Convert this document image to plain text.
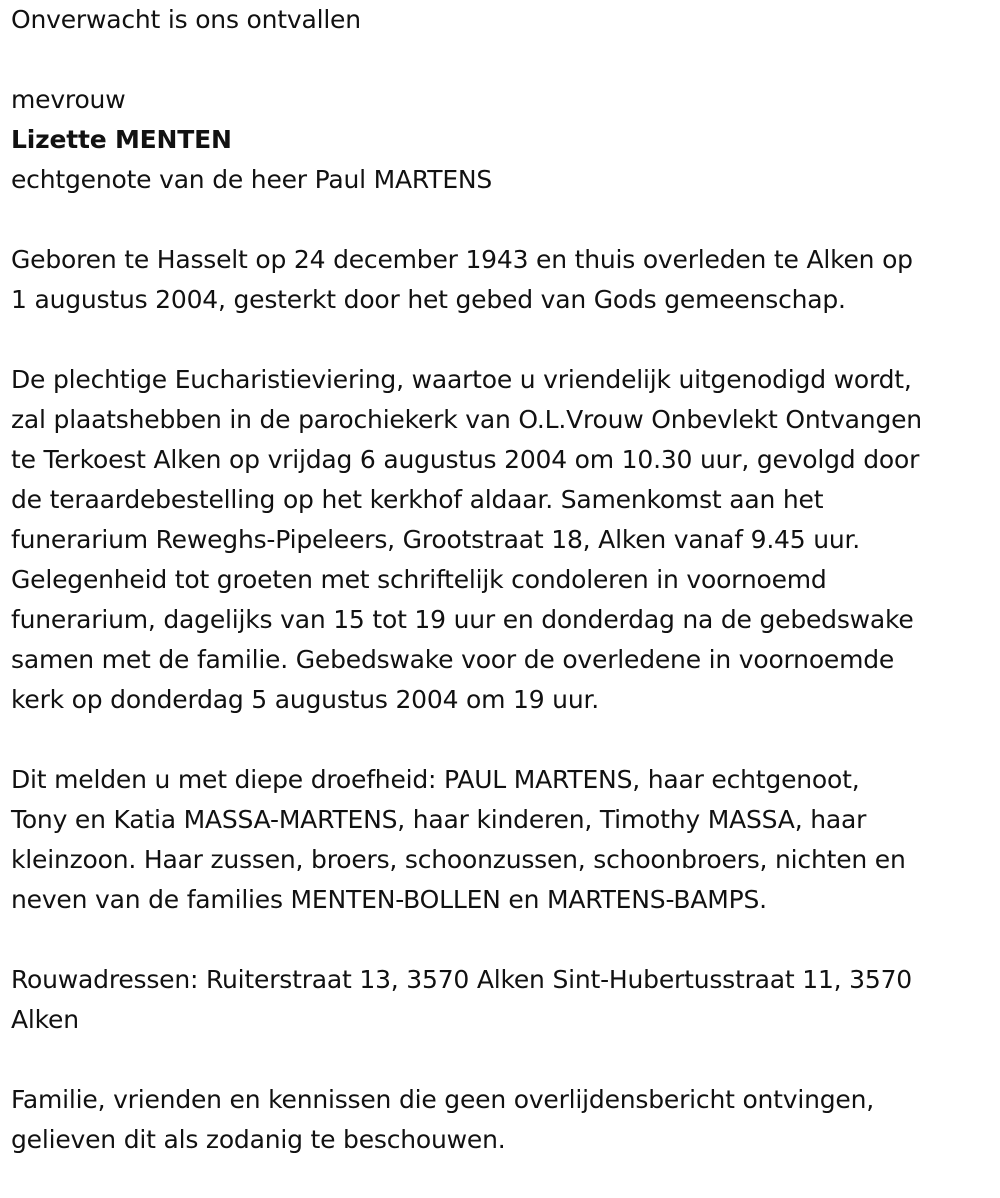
Onverwacht is ons ontvallen
mevrouw
Lizette MENTEN
echtgenote van de heer Paul MARTENS
Geboren te Hasselt op 24 december 1943 en thuis overleden te Alken op
1 augustus 2004, gesterkt door het gebed van Gods gemeenschap.
De plechtige Eucharistieviering, waartoe u vriendelijk uitgenodigd wordt,
zal plaatshebben in de parochiekerk van O.L.Vrouw Onbevlekt Ontvangen
te Terkoest Alken op vrijdag 6 augustus 2004 om 10.30 uur, gevolgd door
de teraardebestelling op het kerkhof aldaar. Samenkomst aan het
funerarium Reweghs-Pipeleers, Grootstraat 18, Alken vanaf 9.45 uur.
Gelegenheid tot groeten met schriftelijk condoleren in voornoemd
funerarium, dagelijks van 15 tot 19 uur en donderdag na de gebedswake
samen met de familie. Gebedswake voor de overledene in voornoemde
kerk op donderdag 5 augustus 2004 om 19 uur.
Dit melden u met diepe droefheid: PAUL MARTENS, haar echtgenoot,
Tony en Katia MASSA-MARTENS, haar kinderen, Timothy MASSA, haar
kleinzoon. Haar zussen, broers, schoonzussen, schoonbroers, nichten en
neven van de families MENTEN-BOLLEN en MARTENS-BAMPS.
Rouwadressen: Ruiterstraat 13, 3570 Alken Sint-Hubertusstraat 11, 3570
Alken
Familie, vrienden en kennissen die geen overlijdensbericht ontvingen,
gelieven dit als zodanig te beschouwen.
